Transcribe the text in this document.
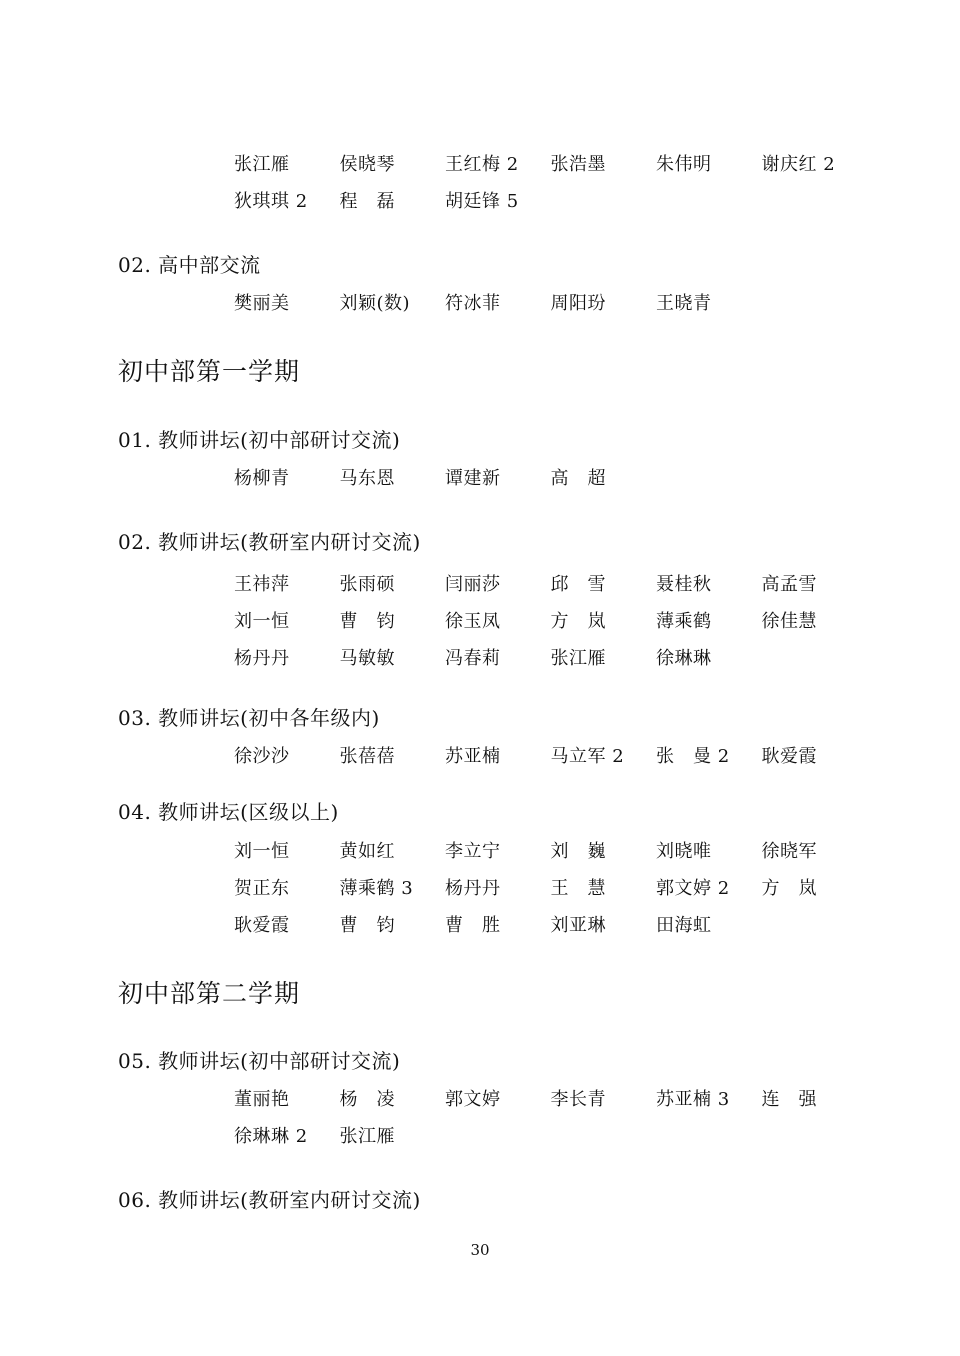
张江雁	侯晓琴	王红梅 2	张浩墨	朱伟明	谢庆红 2
狄琪琪 2	程　磊	胡廷锋 5
02. 高中部交流
樊丽美	刘颖(数)	符冰菲	周阳玢	王晓青
初中部第一学期
01. 教师讲坛(初中部研讨交流)
杨柳青	马东恩	谭建新	高　超
02. 教师讲坛(教研室内研讨交流)
王祎萍	张雨硕	闫丽莎	邱　雪	聂桂秋	高孟雪
刘一恒	曹　钧	徐玉凤	方　岚	薄乘鹤	徐佳慧
杨丹丹	马敏敏	冯春莉	张江雁	徐琳琳
03. 教师讲坛(初中各年级内)
徐沙沙	张蓓蓓	苏亚楠	马立军 2	张　曼 2	耿爱霞
04. 教师讲坛(区级以上)
刘一恒	黄如红	李立宁	刘　巍	刘晓唯	徐晓军
贺正东	薄乘鹤 3	杨丹丹	王　慧	郭文婷 2	方　岚
耿爱霞	曹　钧	曹　胜	刘亚琳	田海虹
初中部第二学期
05. 教师讲坛(初中部研讨交流)
董丽艳	杨　凌	郭文婷	李长青	苏亚楠 3	连　强
徐琳琳 2	张江雁
06. 教师讲坛(教研室内研讨交流)
30
